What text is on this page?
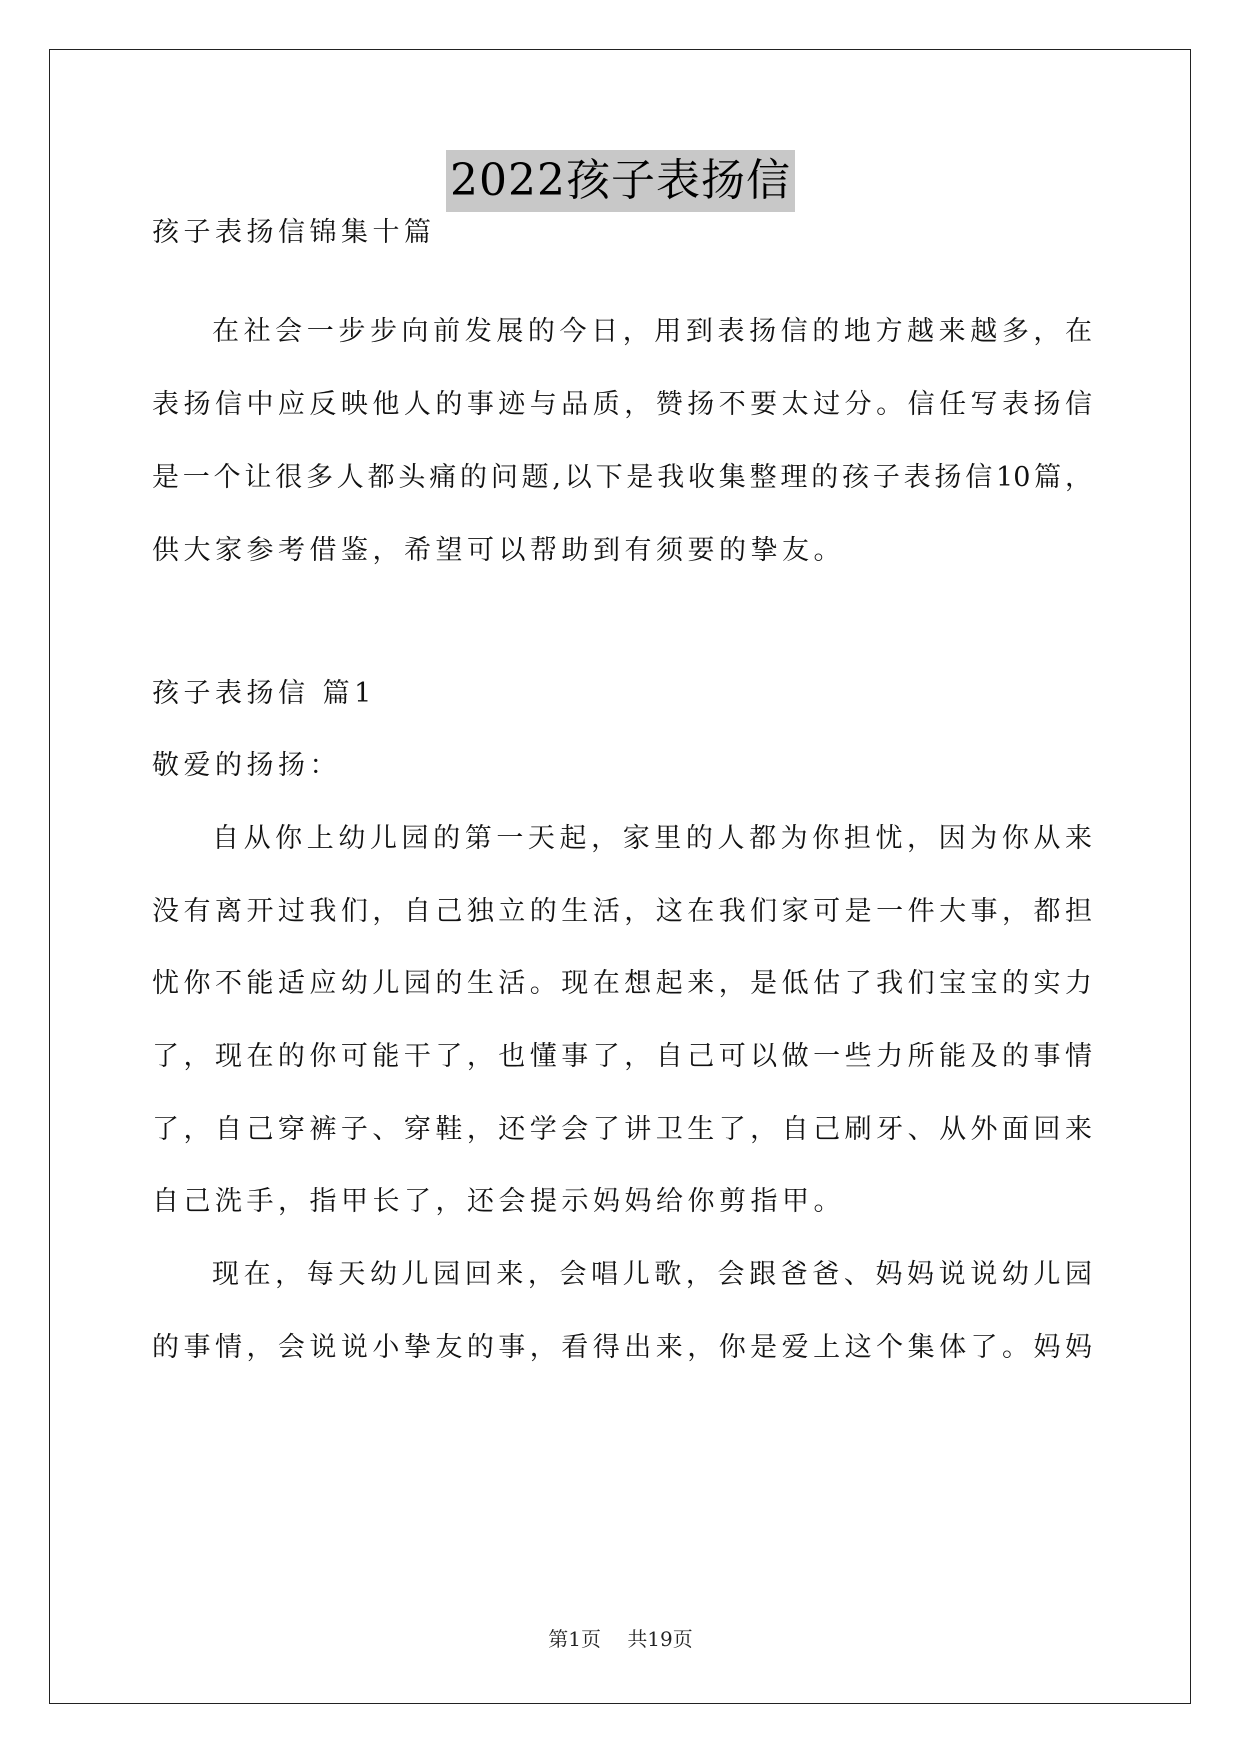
2022孩子表扬信
孩子表扬信锦集十篇
在社会一步步向前发展的今日，用到表扬信的地方越来越多，在
表扬信中应反映他人的事迹与品质，赞扬不要太过分。信任写表扬信
是一个让很多人都头痛的问题,以下是我收集整理的孩子表扬信10篇，
供大家参考借鉴，希望可以帮助到有须要的挚友。
孩子表扬信 篇1
敬爱的扬扬：
自从你上幼儿园的第一天起，家里的人都为你担忧，因为你从来
没有离开过我们，自己独立的生活，这在我们家可是一件大事，都担
忧你不能适应幼儿园的生活。现在想起来，是低估了我们宝宝的实力
了，现在的你可能干了，也懂事了，自己可以做一些力所能及的事情
了，自己穿裤子、穿鞋，还学会了讲卫生了，自己刷牙、从外面回来
自己洗手，指甲长了，还会提示妈妈给你剪指甲。
现在，每天幼儿园回来，会唱儿歌，会跟爸爸、妈妈说说幼儿园
的事情，会说说小挚友的事，看得出来，你是爱上这个集体了。妈妈
第1页 共19页
